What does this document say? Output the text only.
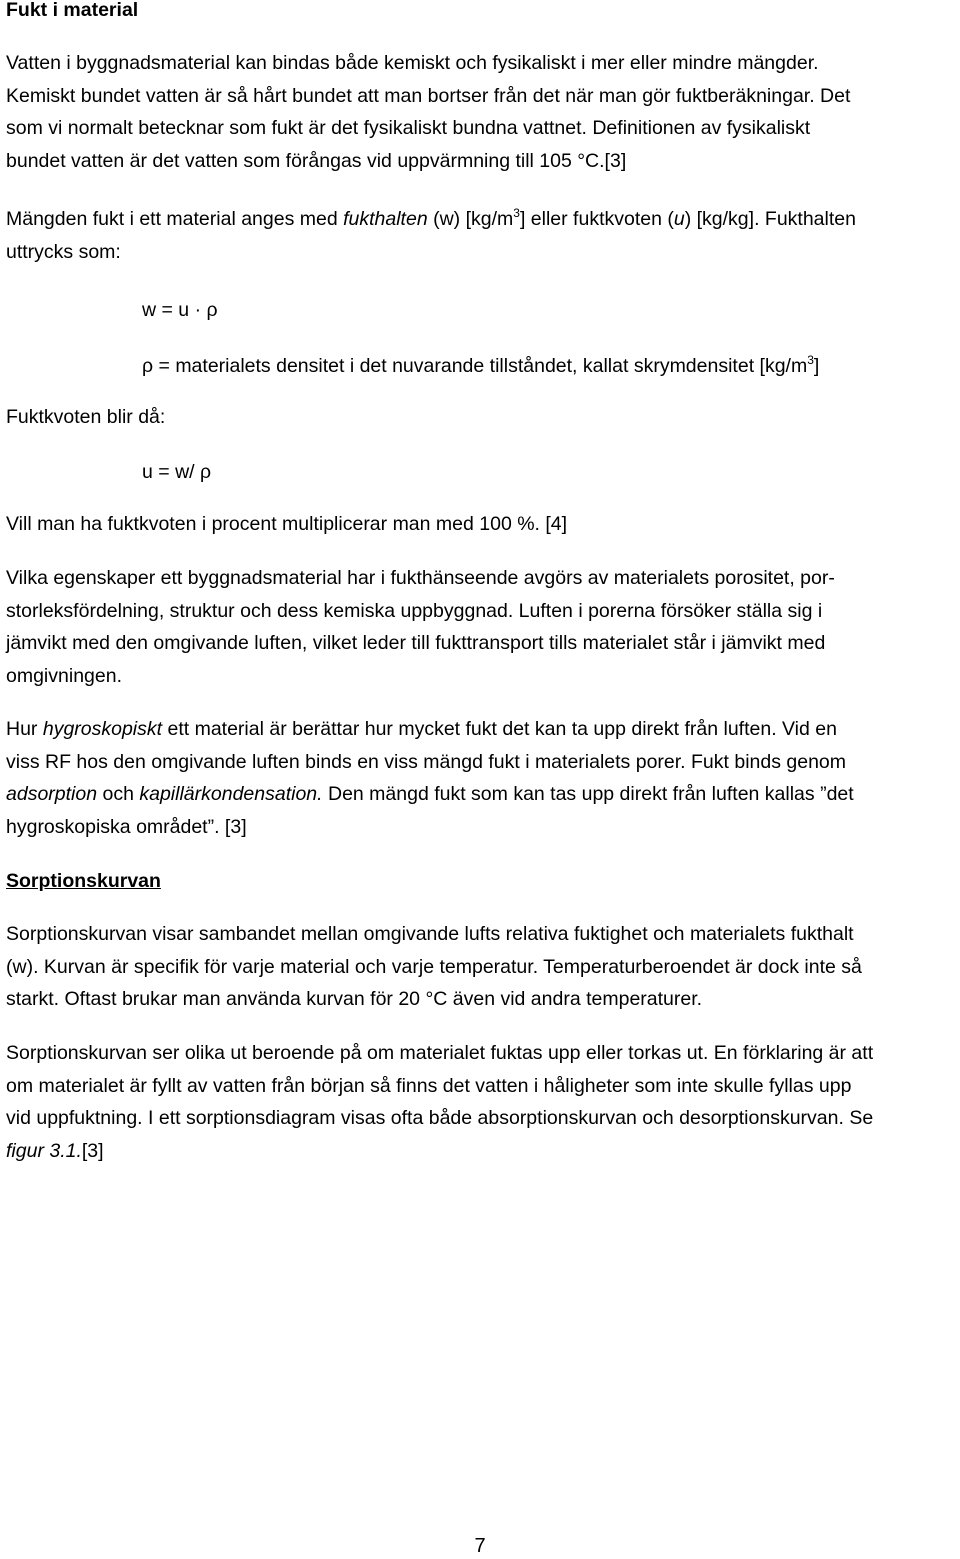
Fukt i material
Vatten i byggnadsmaterial kan bindas både kemiskt och fysikaliskt i mer eller mindre mängder.
Kemiskt bundet vatten är så hårt bundet att man bortser från det när man gör fuktberäkningar. Det
som vi normalt betecknar som fukt är det fysikaliskt bundna vattnet. Definitionen av fysikaliskt
bundet vatten är det vatten som förångas vid uppvärmning till 105 °C.[3]
Mängden fukt i ett material anges med fukthalten (w) $[kg/m^3]$ eller fuktkvoten (u) [kg/kg]. Fukthalten
uttrycks som:
w = u · ρ
ρ = materialets densitet i det nuvarande tillståndet, kallat skrymdensitet $[kg/m^3]$
Fuktkvoten blir då:
u = w/ ρ
Vill man ha fuktkvoten i procent multiplicerar man med 100 %. [4]
Vilka egenskaper ett byggnadsmaterial har i fukthänseende avgörs av materialets porositet, por-
storleksfördelning, struktur och dess kemiska uppbyggnad. Luften i porerna försöker ställa sig i
jämvikt med den omgivande luften, vilket leder till fukttransport tills materialet står i jämvikt med
omgivningen.
Hur hygroskopiskt ett material är berättar hur mycket fukt det kan ta upp direkt från luften. Vid en
viss RF hos den omgivande luften binds en viss mängd fukt i materialets porer. Fukt binds genom
adsorption och kapillärkondensation. Den mängd fukt som kan tas upp direkt från luften kallas ”det
hygroskopiska området”. [3]
Sorptionskurvan
Sorptionskurvan visar sambandet mellan omgivande lufts relativa fuktighet och materialets fukthalt
(w). Kurvan är specifik för varje material och varje temperatur. Temperaturberoendet är dock inte så
starkt. Oftast brukar man använda kurvan för 20 °C även vid andra temperaturer.
Sorptionskurvan ser olika ut beroende på om materialet fuktas upp eller torkas ut. En förklaring är att
om materialet är fyllt av vatten från början så finns det vatten i håligheter som inte skulle fyllas upp
vid uppfuktning. I ett sorptionsdiagram visas ofta både absorptionskurvan och desorptionskurvan. Se
figur 3.1.[3]
7
